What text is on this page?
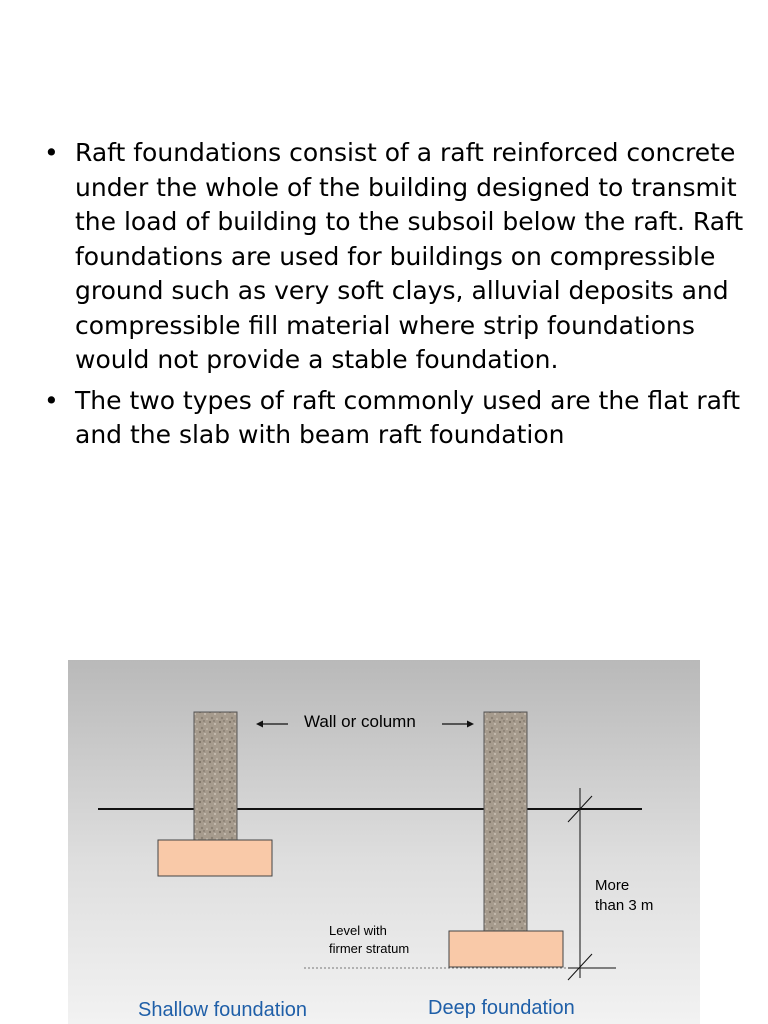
• Raft foundations consist of a raft reinforced concrete under the whole of the building designed to transmit the load of building to the subsoil below the raft. Raft foundations are used for buildings on compressible ground such as very soft clays, alluvial deposits and compressible fill material where strip foundations would not provide a stable foundation.
• The two types of raft commonly used are the flat raft and the slab with beam raft foundation
Wall or column
Level with
firmer stratum
More
than 3 m
Shallow foundation	Deep foundation
